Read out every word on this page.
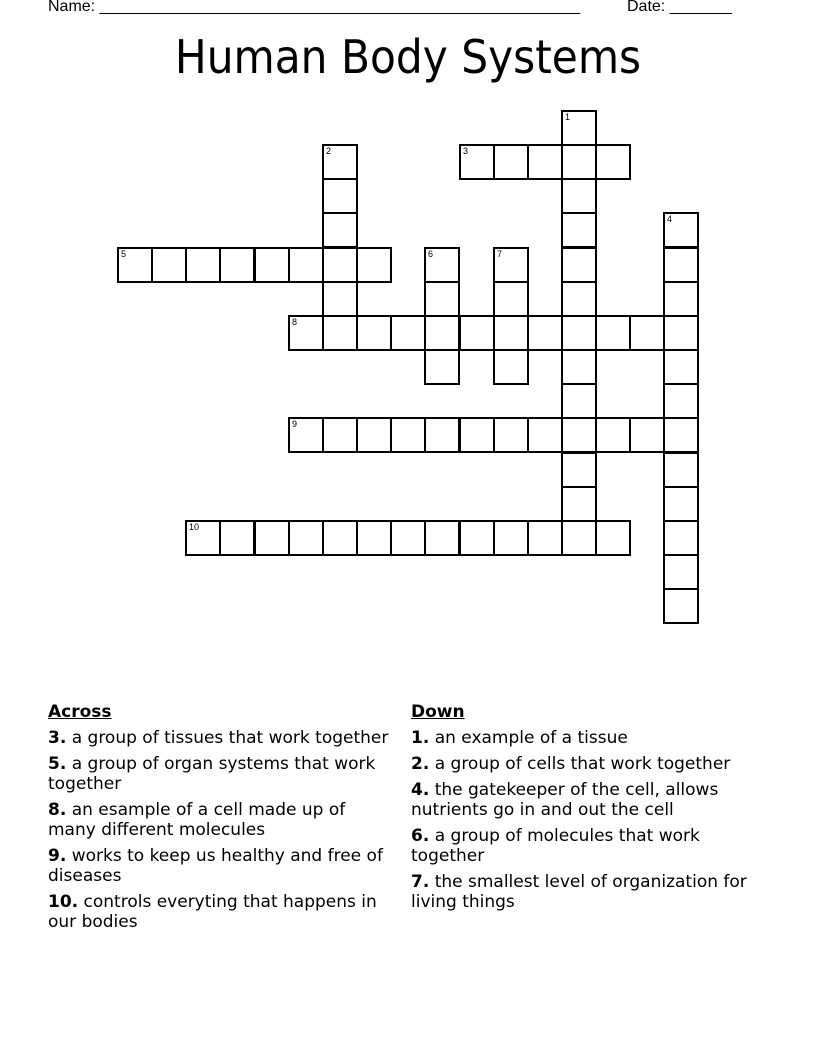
Name: ______________________________________________________

	Date: _______

Human Body Systems
1
2	3
4
5	6	7
8
9
10
Across
3. a group of tissues that work together
5. a group of organ systems that work together
8. an esample of a cell made up of many different molecules
9. works to keep us healthy and free of diseases
10. controls everyting that happens in our bodies
Down
1. an example of a tissue
2. a group of cells that work together
4. the gatekeeper of the cell, allows nutrients go in and out the cell
6. a group of molecules that work together
7. the smallest level of organization for living things
